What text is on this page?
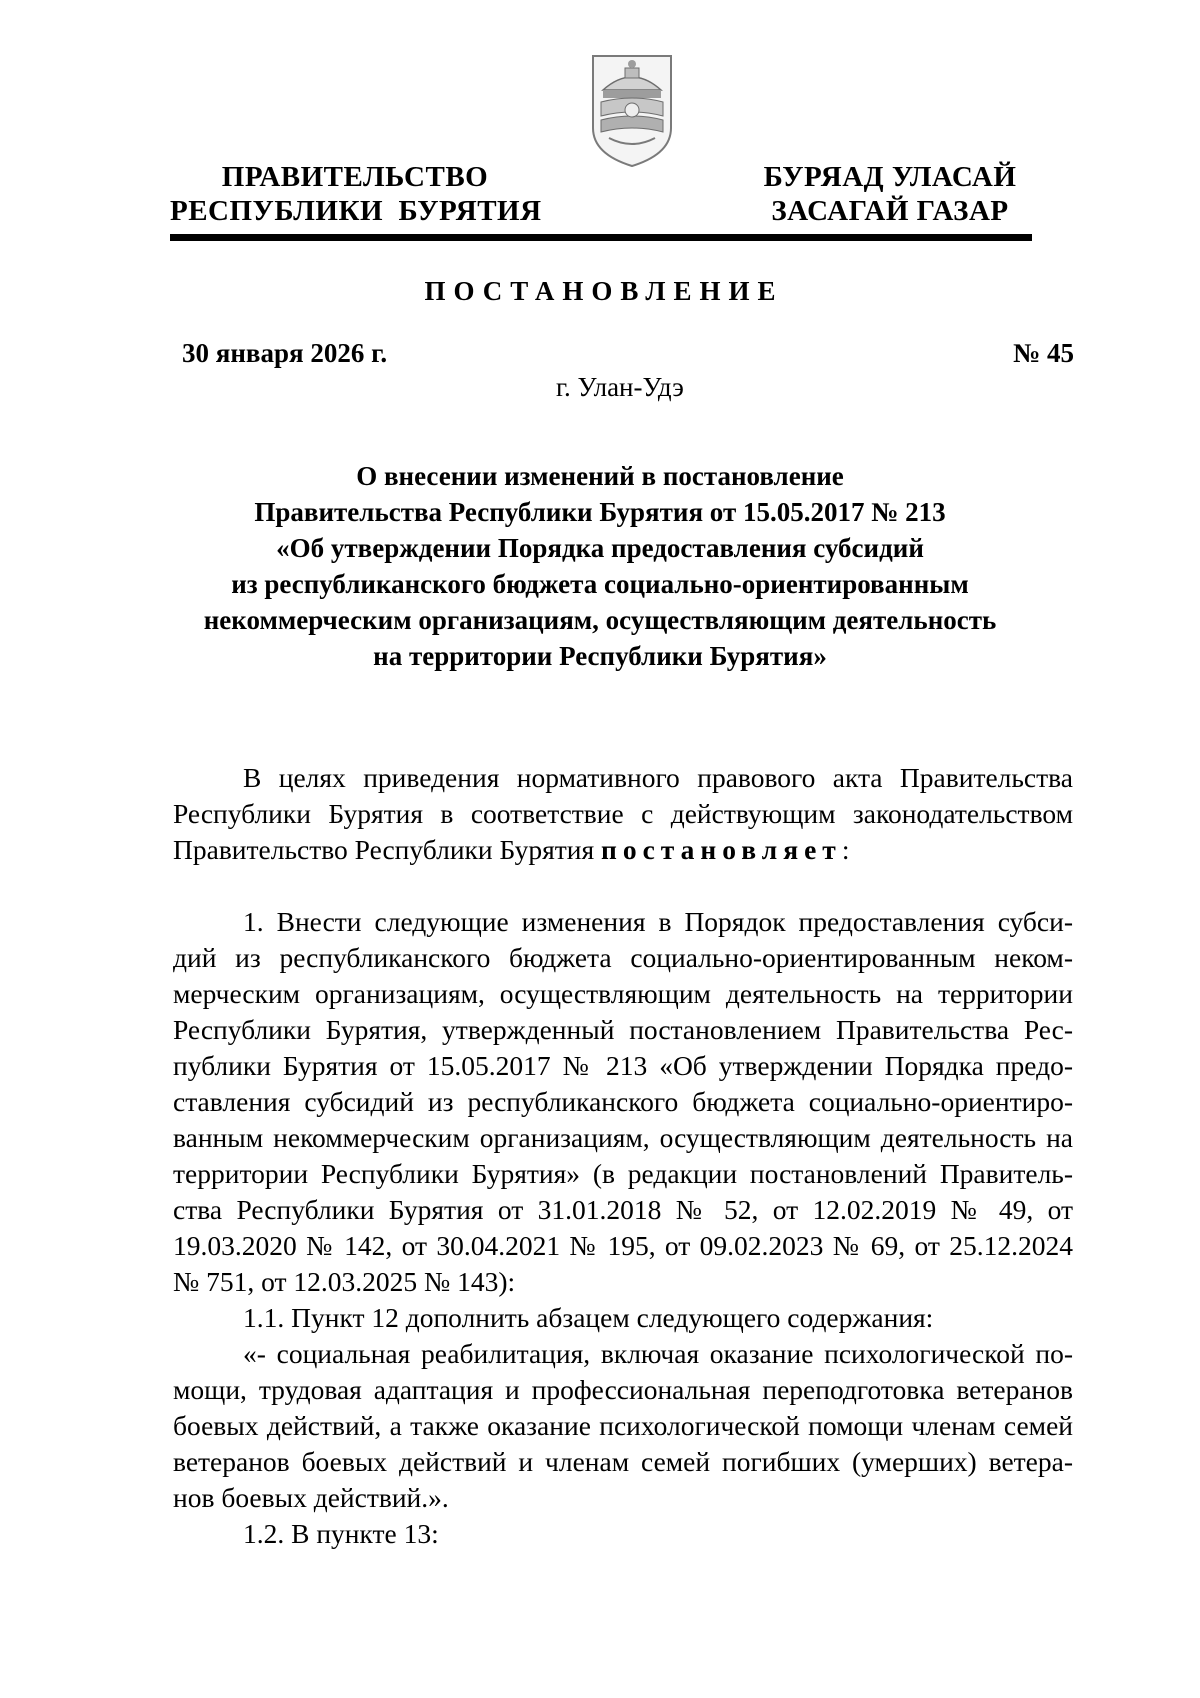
ПРАВИТЕЛЬСТВО
РЕСПУБЛИКИ  БУРЯТИЯ
БУРЯАД УЛАСАЙ
ЗАСАГАЙ ГАЗАР
ПОСТАНОВЛЕНИЕ
30 января 2026 г.	№ 45
г. Улан-Удэ
О внесении изменений в постановление
Правительства Республики Бурятия от 15.05.2017 № 213
«Об утверждении Порядка предоставления субсидий
из республиканского бюджета социально-ориентированным
некоммерческим организациям, осуществляющим деятельность
на территории Республики Бурятия»

В целях приведения нормативного правового акта Правительства

Республики Бурятия в соответствие с действующим законодательством

Правительство Республики Бурятия постановляет:

1. Внести следующие изменения в Порядок предоставления субси-

дий из республиканского бюджета социально-ориентированным неком-

мерческим организациям, осуществляющим деятельность на территории

Республики Бурятия, утвержденный постановлением Правительства Рес-

публики Бурятия от 15.05.2017 № 213 «Об утверждении Порядка предо-

ставления субсидий из республиканского бюджета социально-ориентиро-

ванным некоммерческим организациям, осуществляющим деятельность на

территории Республики Бурятия» (в редакции постановлений Правитель-

ства Республики Бурятия от 31.01.2018 № 52, от 12.02.2019 № 49, от

19.03.2020 № 142, от 30.04.2021 № 195, от 09.02.2023 № 69, от 25.12.2024

№ 751, от 12.03.2025 № 143):

1.1. Пункт 12 дополнить абзацем следующего содержания:

«- социальная реабилитация, включая оказание психологической по-

мощи, трудовая адаптация и профессиональная переподготовка ветеранов

боевых действий, а также оказание психологической помощи членам семей

ветеранов боевых действий и членам семей погибших (умерших) ветера-

нов боевых действий.».

1.2. В пункте 13:
